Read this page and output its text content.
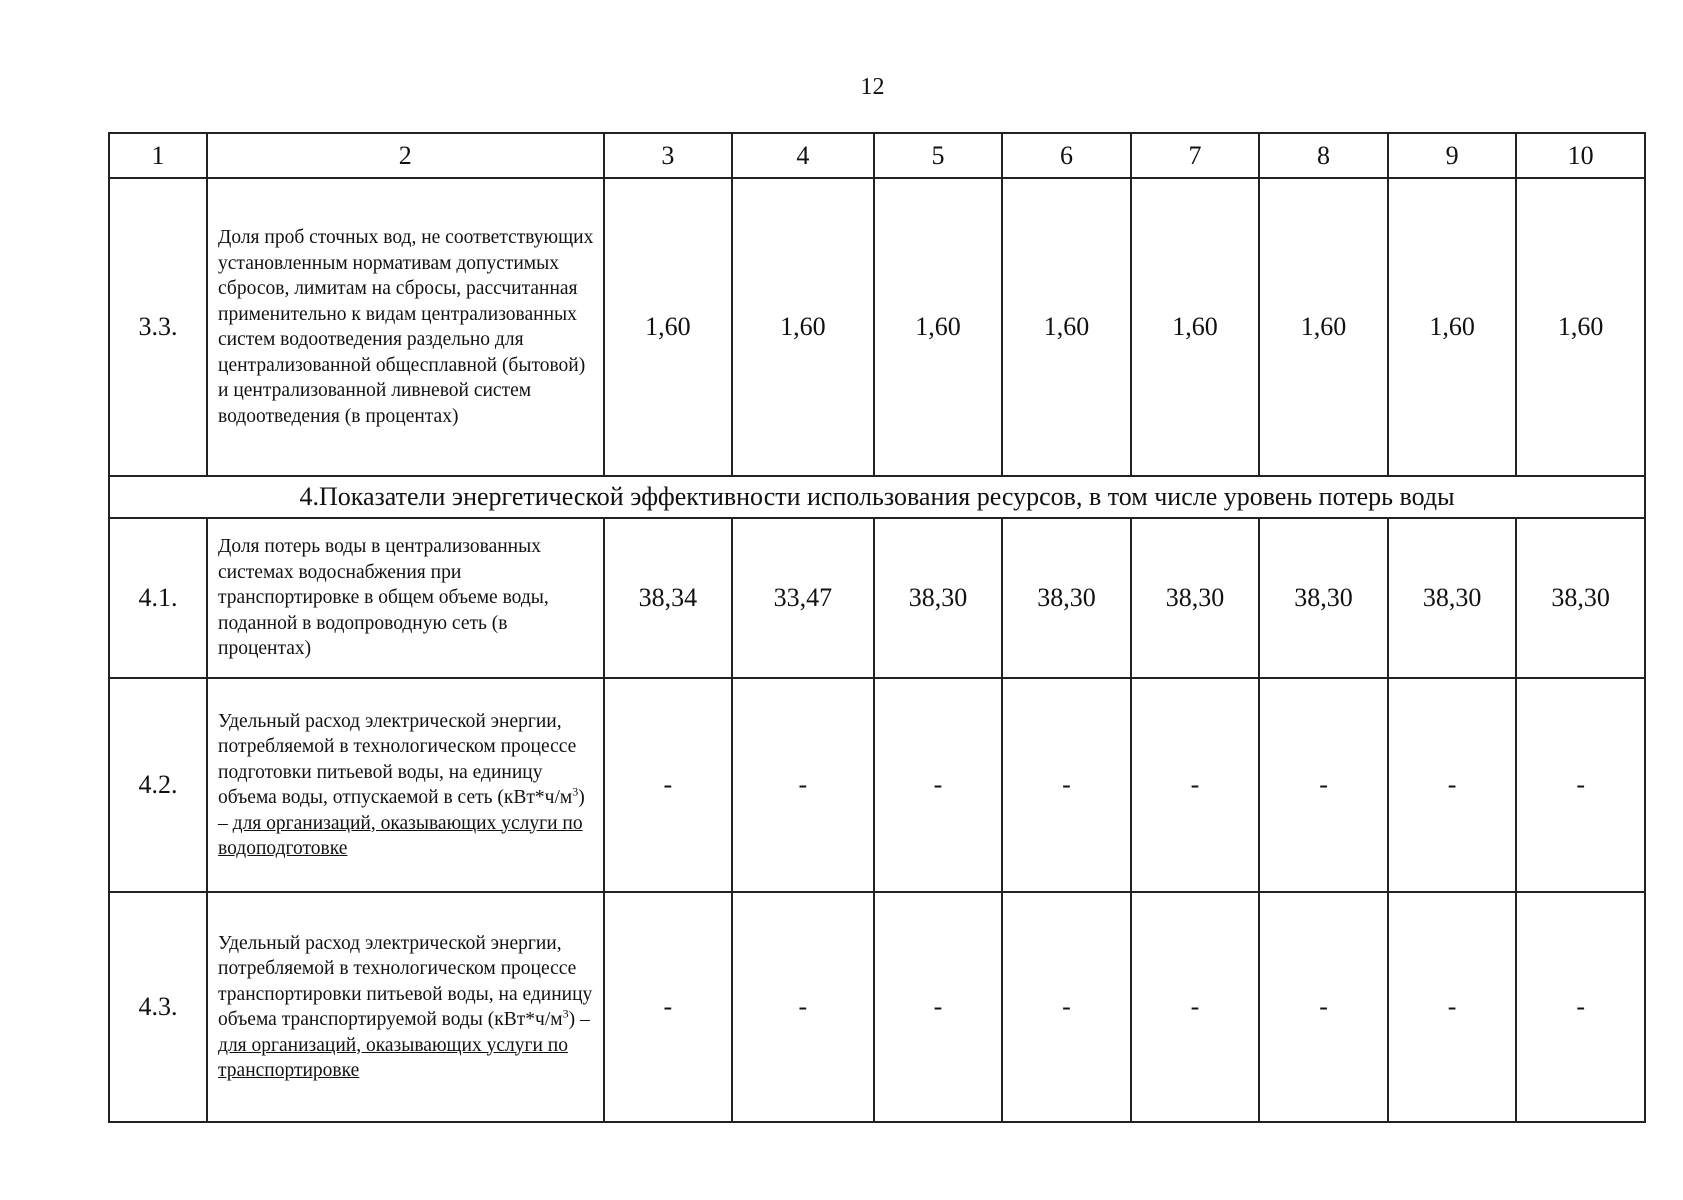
12
1	2	3	4	5	6	7	8	9	10
3.3.	Доля проб сточных вод, не соответствующих установленным нормативам допустимых сбросов, лимитам на сбросы, рассчитанная применительно к видам централизованных систем водоотведения раздельно для централизованной общесплавной (бытовой) и централизованной ливневой систем водоотведения (в процентах)	1,60	1,60	1,60	1,60	1,60	1,60	1,60	1,60
4.Показатели энергетической эффективности использования ресурсов, в том числе уровень потерь воды									
4.1.	Доля потерь воды в централизованных системах водоснабжения при транспортировке в общем объеме воды, поданной в водопроводную сеть (в процентах)	38,34	33,47	38,30	38,30	38,30	38,30	38,30	38,30
4.2.	Удельный расход электрической энергии, потребляемой в технологическом процессе подготовки питьевой воды, на единицу объема воды, отпускаемой в сеть $(кВт*ч/м^3)$ – для организаций, оказывающих услуги по водоподготовке	-	-	-	-	-	-	-	-
4.3.	Удельный расход электрической энергии, потребляемой в технологическом процессе транспортировки питьевой воды, на единицу объема транспортируемой воды $(кВт*ч/м^3)$ – для организаций, оказывающих услуги по транспортировке	-	-	-	-	-	-	-	-
